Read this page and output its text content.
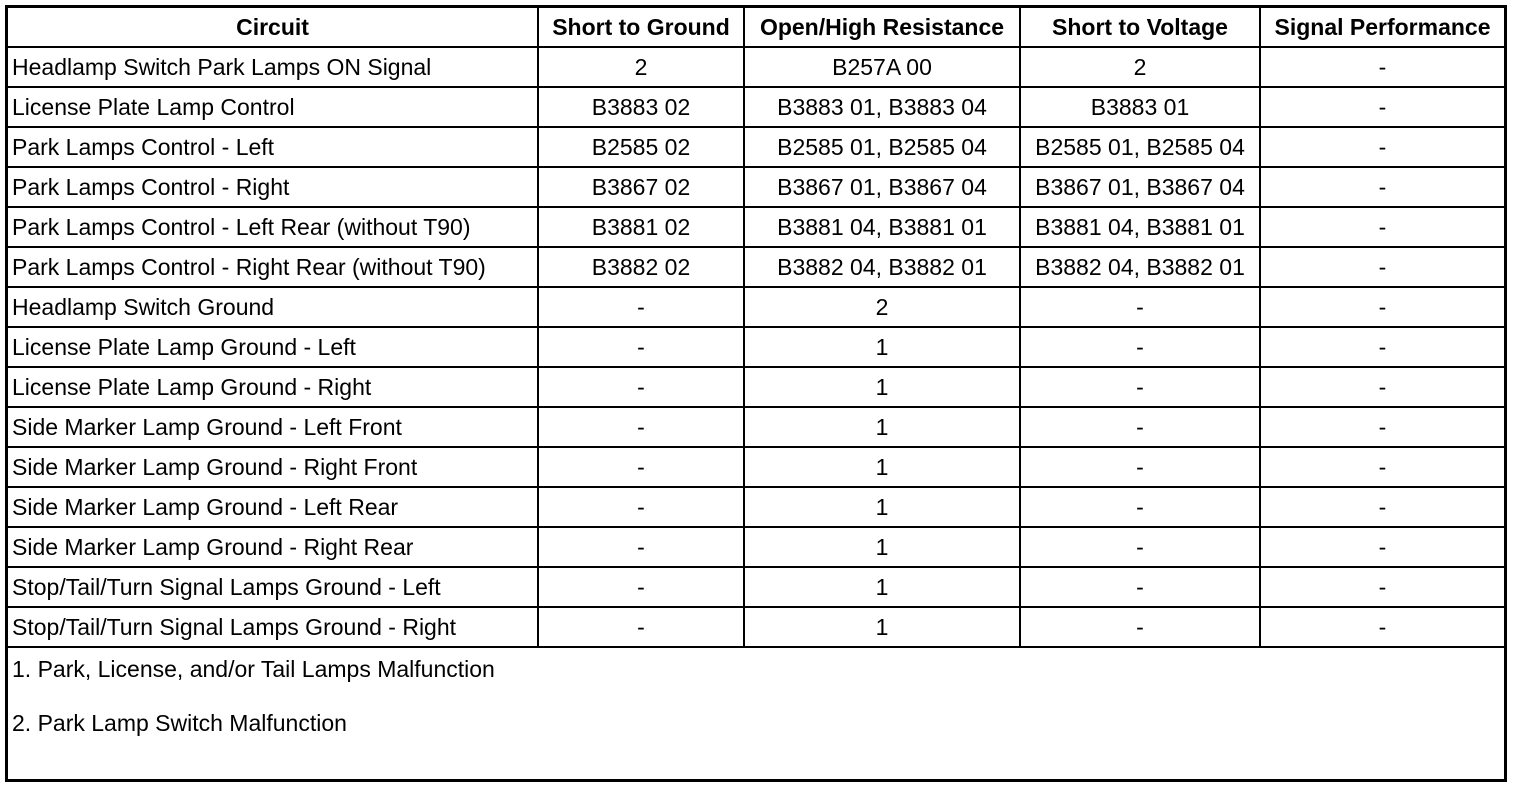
Circuit	Short to Ground	Open/High Resistance	Short to Voltage	Signal Performance
Headlamp Switch Park Lamps ON Signal	2	B257A 00	2	-
License Plate Lamp Control	B3883 02	B3883 01, B3883 04	B3883 01	-
Park Lamps Control - Left	B2585 02	B2585 01, B2585 04	B2585 01, B2585 04	-
Park Lamps Control - Right	B3867 02	B3867 01, B3867 04	B3867 01, B3867 04	-
Park Lamps Control - Left Rear (without T90)	B3881 02	B3881 04, B3881 01	B3881 04, B3881 01	-
Park Lamps Control - Right Rear (without T90)	B3882 02	B3882 04, B3882 01	B3882 04, B3882 01	-
Headlamp Switch Ground	-	2	-	-
License Plate Lamp Ground - Left	-	1	-	-
License Plate Lamp Ground - Right	-	1	-	-
Side Marker Lamp Ground - Left Front	-	1	-	-
Side Marker Lamp Ground - Right Front	-	1	-	-
Side Marker Lamp Ground - Left Rear	-	1	-	-
Side Marker Lamp Ground - Right Rear	-	1	-	-
Stop/Tail/Turn Signal Lamps Ground - Left	-	1	-	-
Stop/Tail/Turn Signal Lamps Ground - Right	-	1	-	-

1. Park, License, and/or Tail Lamps Malfunction
2. Park Lamp Switch Malfunction				
